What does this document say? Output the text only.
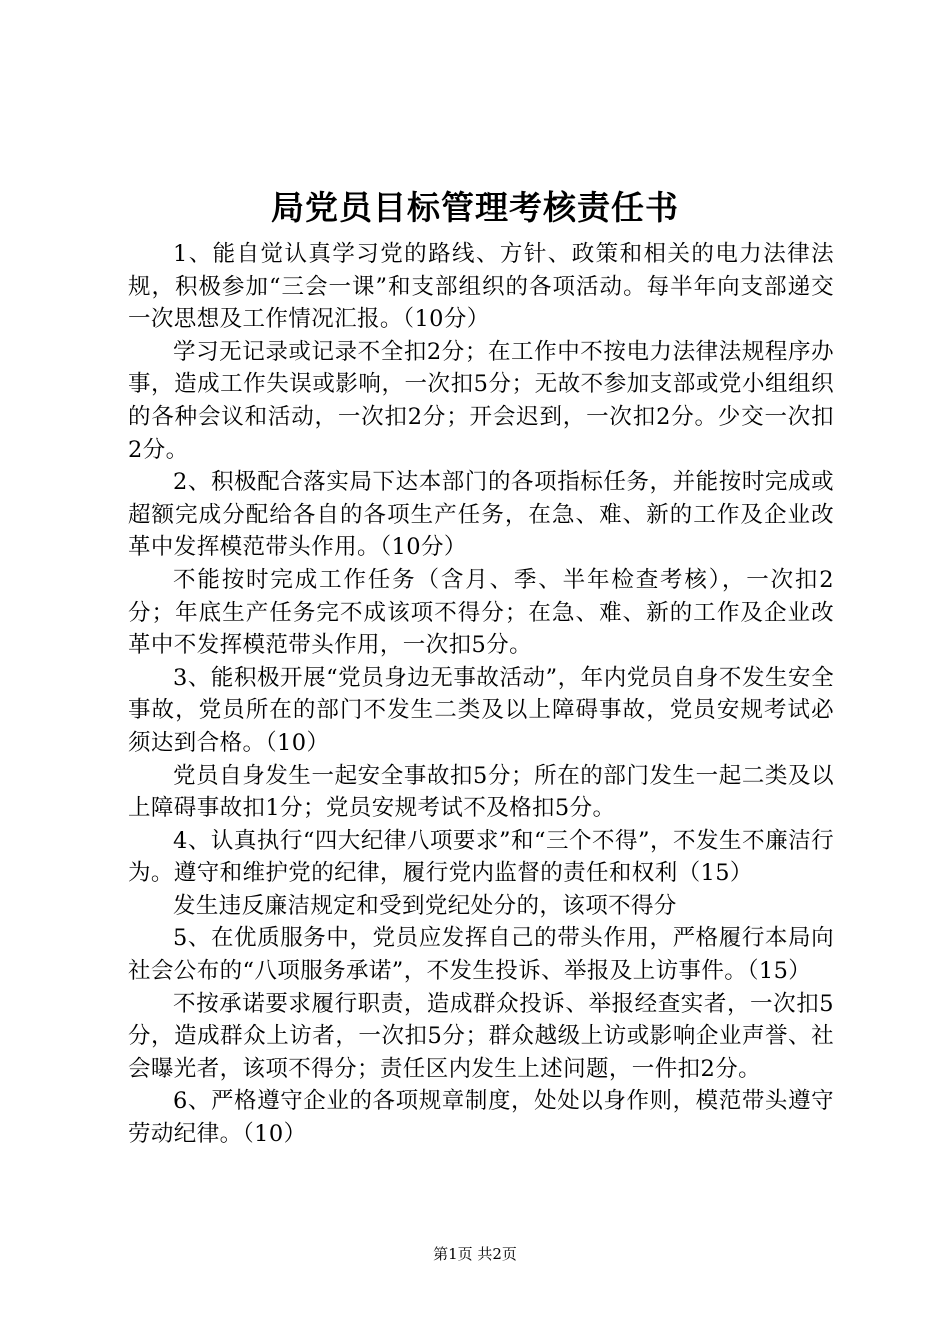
局党员目标管理考核责任书

1、能自觉认真学习党的路线、方针、政策和相关的电力法律法规，积极参加“三会一课”和支部组织的各项活动。每半年向支部递交一次思想及工作情况汇报。（10分）

学习无记录或记录不全扣2分；在工作中不按电力法律法规程序办事，造成工作失误或影响，一次扣5分；无故不参加支部或党小组组织的各种会议和活动，一次扣2分；开会迟到，一次扣2分。少交一次扣2分。

2、积极配合落实局下达本部门的各项指标任务，并能按时完成或超额完成分配给各自的各项生产任务，在急、难、新的工作及企业改革中发挥模范带头作用。（10分）

不能按时完成工作任务（含月、季、半年检查考核），一次扣2分；年底生产任务完不成该项不得分；在急、难、新的工作及企业改革中不发挥模范带头作用，一次扣5分。

3、能积极开展“党员身边无事故活动”，年内党员自身不发生安全事故，党员所在的部门不发生二类及以上障碍事故，党员安规考试必须达到合格。（10）

党员自身发生一起安全事故扣5分；所在的部门发生一起二类及以上障碍事故扣1分；党员安规考试不及格扣5分。

4、认真执行“四大纪律八项要求”和“三个不得”，不发生不廉洁行为。遵守和维护党的纪律，履行党内监督的责任和权利（15）

发生违反廉洁规定和受到党纪处分的，该项不得分

5、在优质服务中，党员应发挥自己的带头作用，严格履行本局向社会公布的“八项服务承诺”，不发生投诉、举报及上访事件。（15）

不按承诺要求履行职责，造成群众投诉、举报经查实者，一次扣5分，造成群众上访者，一次扣5分；群众越级上访或影响企业声誉、社会曝光者，该项不得分；责任区内发生上述问题，一件扣2分。

6、严格遵守企业的各项规章制度，处处以身作则，模范带头遵守劳动纪律。（10）

第1页 共2页
